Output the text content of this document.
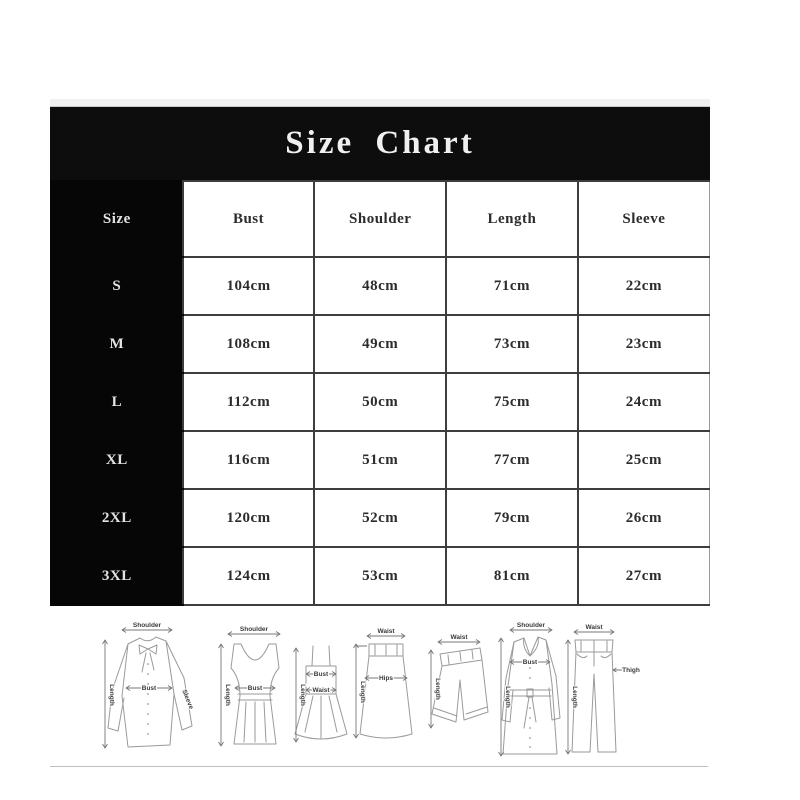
Size Chart
Size	Bust	Shoulder	Length	Sleeve
S	104cm	48cm	71cm	22cm
M	108cm	49cm	73cm	23cm
L	112cm	50cm	75cm	24cm
XL	116cm	51cm	77cm	25cm
2XL	120cm	52cm	79cm	26cm
3XL	124cm	53cm	81cm	27cm
Shoulder
Length	Bust
Sleeve
Shoulder
Length	Bust	Length
Bust
Waist
Waist
Length
Hips
Waist
Length
Shoulder
Length
Bust
Waist
Length
Thigh
